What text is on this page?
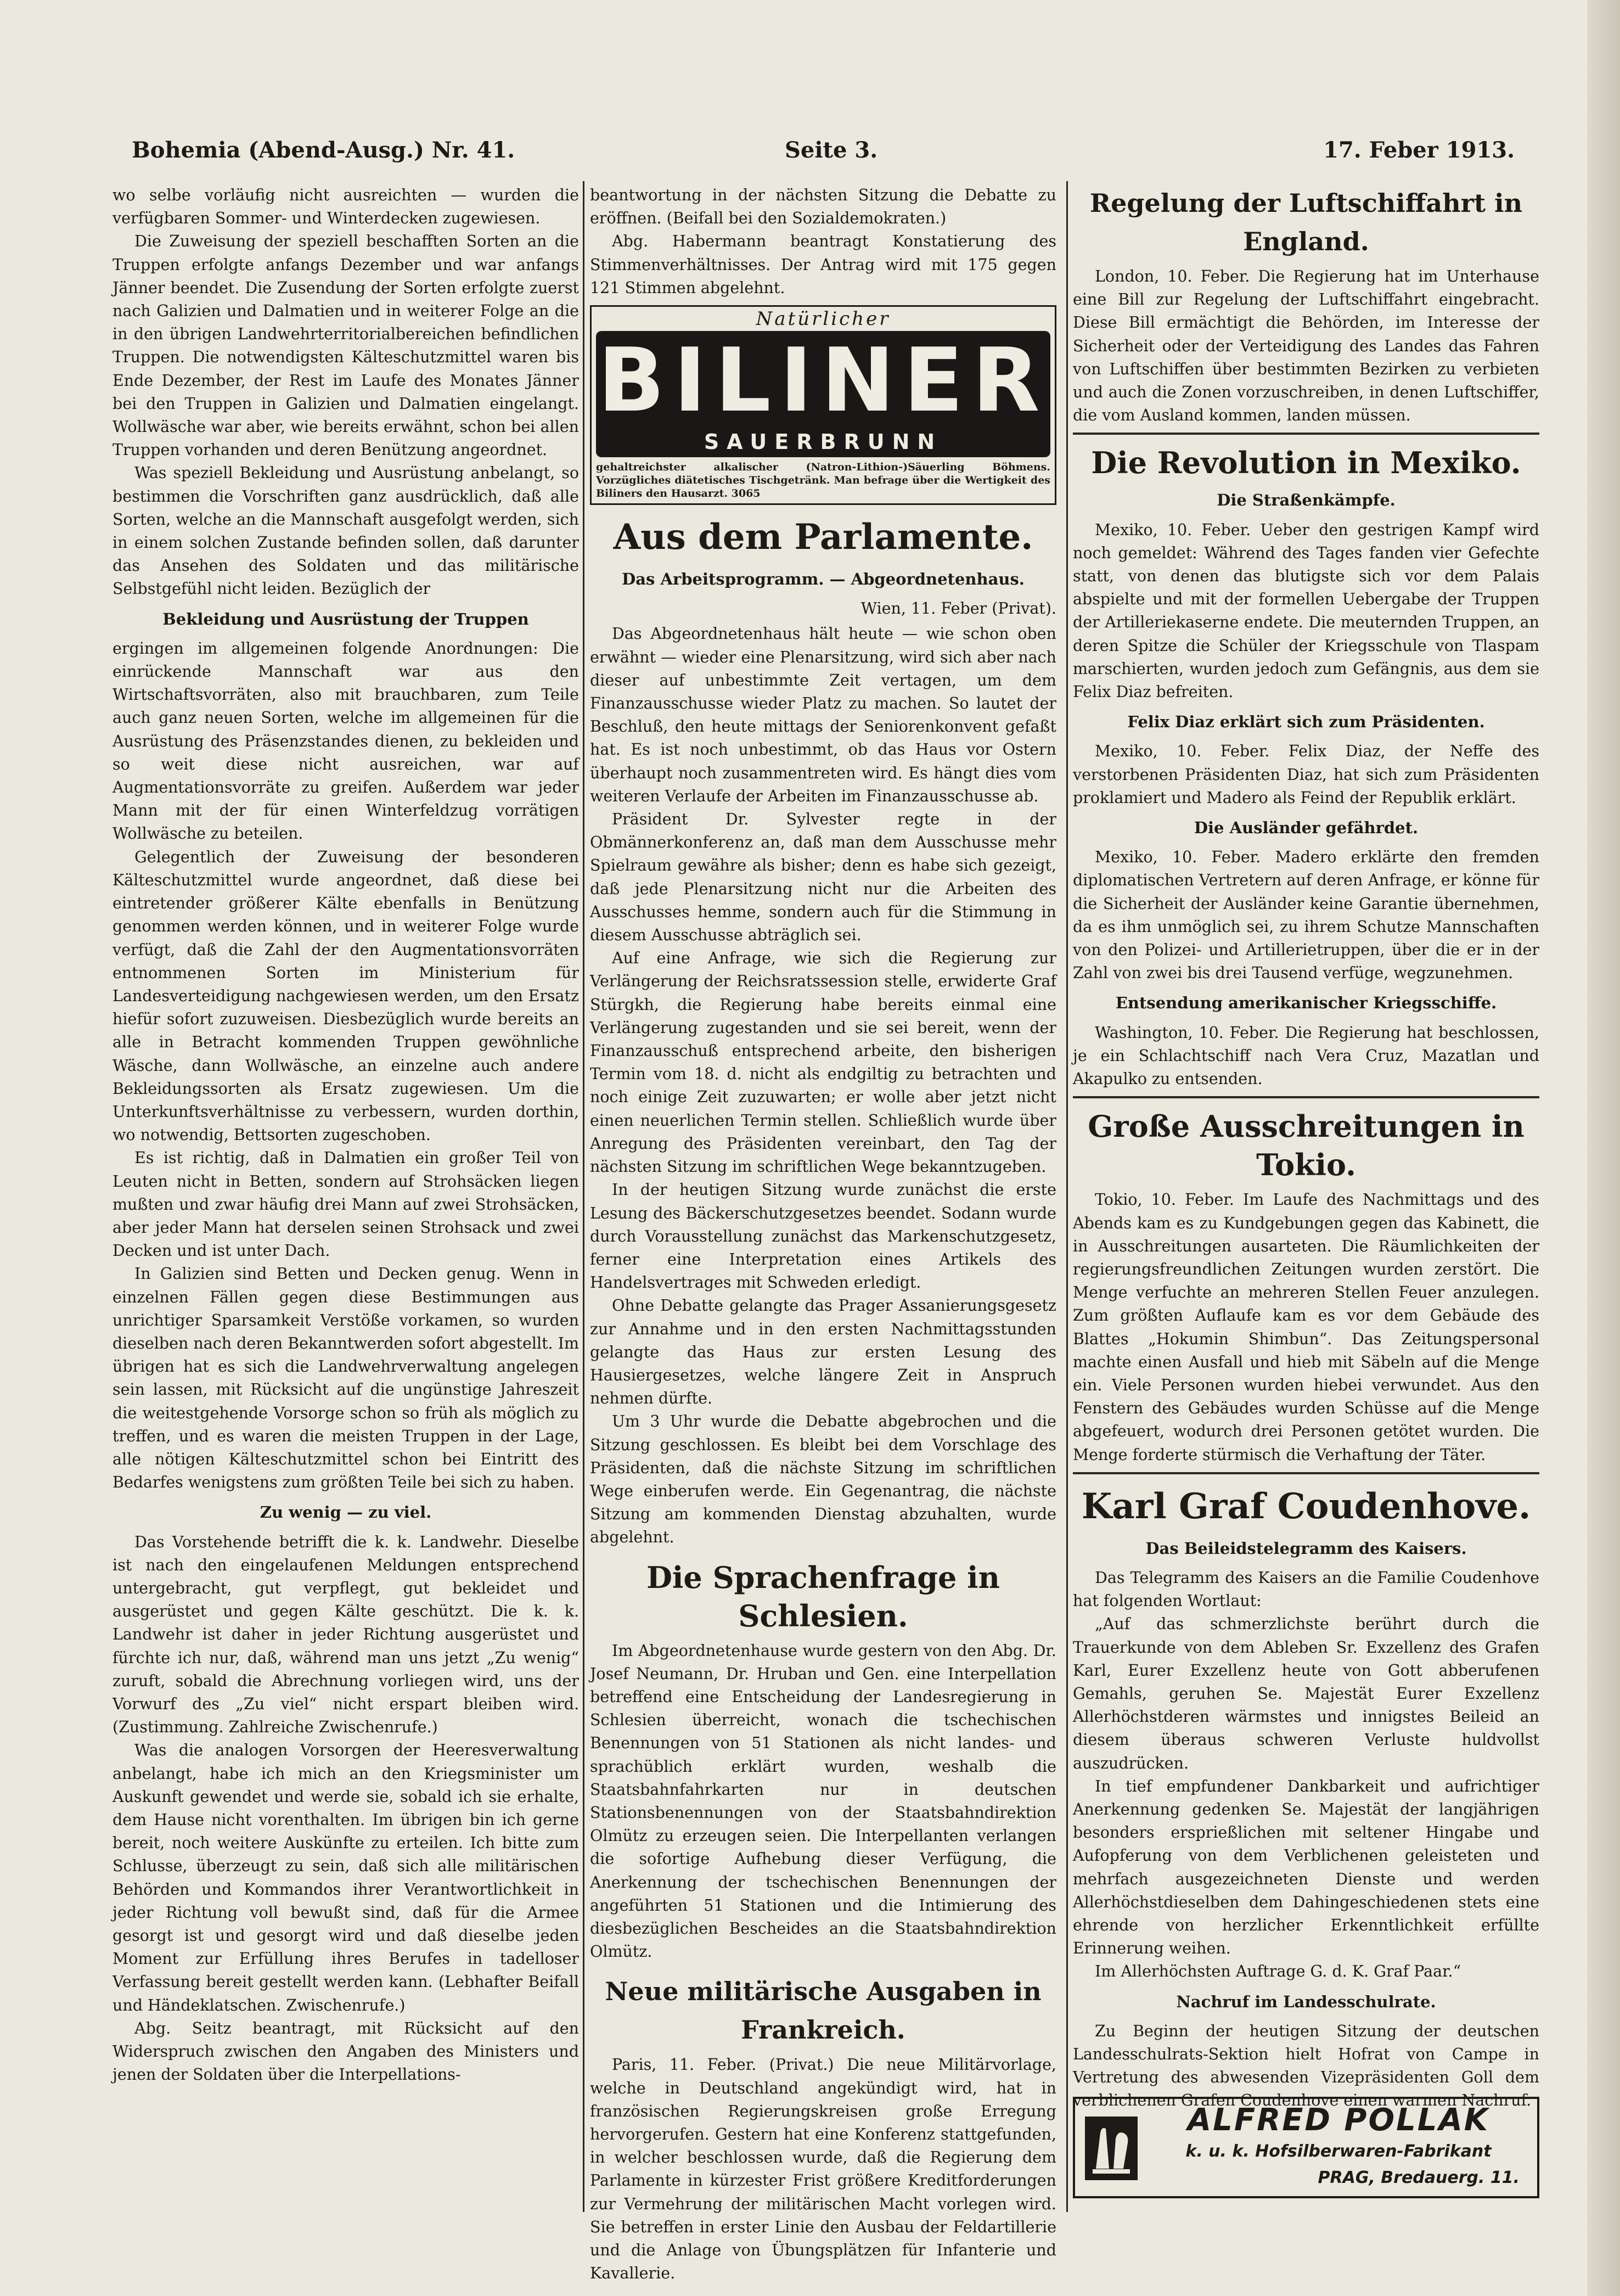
Bohemia (Abend-Ausg.) Nr. 41.	Seite 3.	17. Feber 1913.

wo selbe vorläufig nicht ausreichten — wurden die verfügbaren Sommer- und Winterdecken zugewiesen.

Die Zuweisung der speziell beschafften Sorten an die Truppen erfolgte anfangs Dezember und war anfangs Jänner beendet. Die Zusendung der Sorten erfolgte zuerst nach Galizien und Dalmatien und in weiterer Folge an die in den übrigen Landwehrterritorialbereichen befindlichen Truppen. Die notwendigsten Kälteschutzmittel waren bis Ende Dezember, der Rest im Laufe des Monates Jänner bei den Truppen in Galizien und Dalmatien eingelangt. Wollwäsche war aber, wie bereits erwähnt, schon bei allen Truppen vorhanden und deren Benützung angeordnet.

Was speziell Bekleidung und Ausrüstung anbelangt, so bestimmen die Vorschriften ganz ausdrücklich, daß alle Sorten, welche an die Mannschaft ausgefolgt werden, sich in einem solchen Zustande befinden sollen, daß darunter das Ansehen des Soldaten und das militärische Selbstgefühl nicht leiden. Bezüglich der

Bekleidung und Ausrüstung der Truppen

ergingen im allgemeinen folgende Anordnungen: Die einrückende Mannschaft war aus den Wirtschaftsvorräten, also mit brauchbaren, zum Teile auch ganz neuen Sorten, welche im allgemeinen für die Ausrüstung des Präsenzstandes dienen, zu bekleiden und so weit diese nicht ausreichen, war auf Augmentationsvorräte zu greifen. Außerdem war jeder Mann mit der für einen Winterfeldzug vorrätigen Wollwäsche zu beteilen.

Gelegentlich der Zuweisung der besonderen Kälteschutzmittel wurde angeordnet, daß diese bei eintretender größerer Kälte ebenfalls in Benützung genommen werden können, und in weiterer Folge wurde verfügt, daß die Zahl der den Augmentationsvorräten entnommenen Sorten im Ministerium für Landesverteidigung nachgewiesen werden, um den Ersatz hiefür sofort zuzuweisen. Diesbezüglich wurde bereits an alle in Betracht kommenden Truppen gewöhnliche Wäsche, dann Wollwäsche, an einzelne auch andere Bekleidungssorten als Ersatz zugewiesen. Um die Unterkunftsverhältnisse zu verbessern, wurden dorthin, wo notwendig, Bettsorten zugeschoben.

Es ist richtig, daß in Dalmatien ein großer Teil von Leuten nicht in Betten, sondern auf Strohsäcken liegen mußten und zwar häufig drei Mann auf zwei Strohsäcken, aber jeder Mann hat derselen seinen Strohsack und zwei Decken und ist unter Dach.

In Galizien sind Betten und Decken genug. Wenn in einzelnen Fällen gegen diese Bestimmungen aus unrichtiger Sparsamkeit Verstöße vorkamen, so wurden dieselben nach deren Bekanntwerden sofort abgestellt. Im übrigen hat es sich die Landwehrverwaltung angelegen sein lassen, mit Rücksicht auf die ungünstige Jahreszeit die weitestgehende Vorsorge schon so früh als möglich zu treffen, und es waren die meisten Truppen in der Lage, alle nötigen Kälteschutzmittel schon bei Eintritt des Bedarfes wenigstens zum größten Teile bei sich zu haben.

Zu wenig — zu viel.

Das Vorstehende betrifft die k. k. Landwehr. Dieselbe ist nach den eingelaufenen Meldungen entsprechend untergebracht, gut verpflegt, gut bekleidet und ausgerüstet und gegen Kälte geschützt. Die k. k. Landwehr ist daher in jeder Richtung ausgerüstet und fürchte ich nur, daß, während man uns jetzt „Zu wenig“ zuruft, sobald die Abrechnung vorliegen wird, uns der Vorwurf des „Zu viel“ nicht erspart bleiben wird. (Zustimmung. Zahlreiche Zwischenrufe.)

Was die analogen Vorsorgen der Heeresverwaltung anbelangt, habe ich mich an den Kriegsminister um Auskunft gewendet und werde sie, sobald ich sie erhalte, dem Hause nicht vorenthalten. Im übrigen bin ich gerne bereit, noch weitere Auskünfte zu erteilen. Ich bitte zum Schlusse, überzeugt zu sein, daß sich alle militärischen Behörden und Kommandos ihrer Verantwortlichkeit in jeder Richtung voll bewußt sind, daß für die Armee gesorgt ist und gesorgt wird und daß dieselbe jeden Moment zur Erfüllung ihres Berufes in tadelloser Verfassung bereit gestellt werden kann. (Lebhafter Beifall und Händeklatschen. Zwischenrufe.)

Abg. Seitz beantragt, mit Rücksicht auf den Widerspruch zwischen den Angaben des Ministers und jenen der Soldaten über die Interpellations-

beantwortung in der nächsten Sitzung die Debatte zu eröffnen. (Beifall bei den Sozialdemokraten.)

Abg. Habermann beantragt Konstatierung des Stimmenverhältnisses. Der Antrag wird mit 175 gegen 121 Stimmen abgelehnt.

Natürlicher
BILINER
SAUERBRUNN
gehaltreichster alkalischer (Natron-Lithion-)Säuerling Böhmens. Vorzügliches diätetisches Tischgetränk. Man befrage über die Wertigkeit des Biliners den Hausarzt. 3065
Aus dem Parlamente.
Das Arbeitsprogramm. — Abgeordnetenhaus.
Wien, 11. Feber (Privat).

Das Abgeordnetenhaus hält heute — wie schon oben erwähnt — wieder eine Plenarsitzung, wird sich aber nach dieser auf unbestimmte Zeit vertagen, um dem Finanzausschusse wieder Platz zu machen. So lautet der Beschluß, den heute mittags der Seniorenkonvent gefaßt hat. Es ist noch unbestimmt, ob das Haus vor Ostern überhaupt noch zusammentreten wird. Es hängt dies vom weiteren Verlaufe der Arbeiten im Finanzausschusse ab.

Präsident Dr. Sylvester regte in der Obmännerkonferenz an, daß man dem Ausschusse mehr Spielraum gewähre als bisher; denn es habe sich gezeigt, daß jede Plenarsitzung nicht nur die Arbeiten des Ausschusses hemme, sondern auch für die Stimmung in diesem Ausschusse abträglich sei.

Auf eine Anfrage, wie sich die Regierung zur Verlängerung der Reichsratssession stelle, erwiderte Graf Stürgkh, die Regierung habe bereits einmal eine Verlängerung zugestanden und sie sei bereit, wenn der Finanzausschuß entsprechend arbeite, den bisherigen Termin vom 18. d. nicht als endgiltig zu betrachten und noch einige Zeit zuzuwarten; er wolle aber jetzt nicht einen neuerlichen Termin stellen. Schließlich wurde über Anregung des Präsidenten vereinbart, den Tag der nächsten Sitzung im schriftlichen Wege bekanntzugeben.

In der heutigen Sitzung wurde zunächst die erste Lesung des Bäckerschutzgesetzes beendet. Sodann wurde durch Vorausstellung zunächst das Markenschutzgesetz, ferner eine Interpretation eines Artikels des Handelsvertrages mit Schweden erledigt.

Ohne Debatte gelangte das Prager Assanierungsgesetz zur Annahme und in den ersten Nachmittagsstunden gelangte das Haus zur ersten Lesung des Hausiergesetzes, welche längere Zeit in Anspruch nehmen dürfte.

Um 3 Uhr wurde die Debatte abgebrochen und die Sitzung geschlossen. Es bleibt bei dem Vorschlage des Präsidenten, daß die nächste Sitzung im schriftlichen Wege einberufen werde. Ein Gegenantrag, die nächste Sitzung am kommenden Dienstag abzuhalten, wurde abgelehnt.

Die Sprachenfrage in Schlesien.

Im Abgeordnetenhause wurde gestern von den Abg. Dr. Josef Neumann, Dr. Hruban und Gen. eine Interpellation betreffend eine Entscheidung der Landesregierung in Schlesien überreicht, wonach die tschechischen Benennungen von 51 Stationen als nicht landes- und sprachüblich erklärt wurden, weshalb die Staatsbahnfahrkarten nur in deutschen Stationsbenennungen von der Staatsbahndirektion Olmütz zu erzeugen seien. Die Interpellanten verlangen die sofortige Aufhebung dieser Verfügung, die Anerkennung der tschechischen Benennungen der angeführten 51 Stationen und die Intimierung des diesbezüglichen Bescheides an die Staatsbahndirektion Olmütz.

Neue militärische Ausgaben in Frankreich.

Paris, 11. Feber. (Privat.) Die neue Militärvorlage, welche in Deutschland angekündigt wird, hat in französischen Regierungskreisen große Erregung hervorgerufen. Gestern hat eine Konferenz stattgefunden, in welcher beschlossen wurde, daß die Regierung dem Parlamente in kürzester Frist größere Kreditforderungen zur Vermehrung der militärischen Macht vorlegen wird. Sie betreffen in erster Linie den Ausbau der Feldartillerie und die Anlage von Übungsplätzen für Infanterie und Kavallerie.

Regelung der Luftschiffahrt in England.

London, 10. Feber. Die Regierung hat im Unterhause eine Bill zur Regelung der Luftschiffahrt eingebracht. Diese Bill ermächtigt die Behörden, im Interesse der Sicherheit oder der Verteidigung des Landes das Fahren von Luftschiffen über bestimmten Bezirken zu verbieten und auch die Zonen vorzuschreiben, in denen Luftschiffer, die vom Ausland kommen, landen müssen.

Die Revolution in Mexiko.
Die Straßenkämpfe.

Mexiko, 10. Feber. Ueber den gestrigen Kampf wird noch gemeldet: Während des Tages fanden vier Gefechte statt, von denen das blutigste sich vor dem Palais abspielte und mit der formellen Uebergabe der Truppen der Artilleriekaserne endete. Die meuternden Truppen, an deren Spitze die Schüler der Kriegsschule von Tlaspam marschierten, wurden jedoch zum Gefängnis, aus dem sie Felix Diaz befreiten.

Felix Diaz erklärt sich zum Präsidenten.

Mexiko, 10. Feber. Felix Diaz, der Neffe des verstorbenen Präsidenten Diaz, hat sich zum Präsidenten proklamiert und Madero als Feind der Republik erklärt.

Die Ausländer gefährdet.

Mexiko, 10. Feber. Madero erklärte den fremden diplomatischen Vertretern auf deren Anfrage, er könne für die Sicherheit der Ausländer keine Garantie übernehmen, da es ihm unmöglich sei, zu ihrem Schutze Mannschaften von den Polizei- und Artillerietruppen, über die er in der Zahl von zwei bis drei Tausend verfüge, wegzunehmen.

Entsendung amerikanischer Kriegsschiffe.

Washington, 10. Feber. Die Regierung hat beschlossen, je ein Schlachtschiff nach Vera Cruz, Mazatlan und Akapulko zu entsenden.

Große Ausschreitungen in Tokio.

Tokio, 10. Feber. Im Laufe des Nachmittags und des Abends kam es zu Kundgebungen gegen das Kabinett, die in Ausschreitungen ausarteten. Die Räumlichkeiten der regierungsfreundlichen Zeitungen wurden zerstört. Die Menge verfuchte an mehreren Stellen Feuer anzulegen. Zum größten Auflaufe kam es vor dem Gebäude des Blattes „Hokumin Shimbun“. Das Zeitungspersonal machte einen Ausfall und hieb mit Säbeln auf die Menge ein. Viele Personen wurden hiebei verwundet. Aus den Fenstern des Gebäudes wurden Schüsse auf die Menge abgefeuert, wodurch drei Personen getötet wurden. Die Menge forderte stürmisch die Verhaftung der Täter.

Karl Graf Coudenhove.
Das Beileidstelegramm des Kaisers.

Das Telegramm des Kaisers an die Familie Coudenhove hat folgenden Wortlaut:

„Auf das schmerzlichste berührt durch die Trauerkunde von dem Ableben Sr. Exzellenz des Grafen Karl, Eurer Exzellenz heute von Gott abberufenen Gemahls, geruhen Se. Majestät Eurer Exzellenz Allerhöchstderen wärmstes und innigstes Beileid an diesem überaus schweren Verluste huldvollst auszudrücken.

In tief empfundener Dankbarkeit und aufrichtiger Anerkennung gedenken Se. Majestät der langjährigen besonders ersprießlichen mit seltener Hingabe und Aufopferung von dem Verblichenen geleisteten und mehrfach ausgezeichneten Dienste und werden Allerhöchstdieselben dem Dahingeschiedenen stets eine ehrende von herzlicher Erkenntlichkeit erfüllte Erinnerung weihen.

Im Allerhöchsten Auftrage G. d. K. Graf Paar.“

Nachruf im Landesschulrate.

Zu Beginn der heutigen Sitzung der deutschen Landesschulrats-Sektion hielt Hofrat von Campe in Vertretung des abwesenden Vizepräsidenten Goll dem verblichenen Grafen Coudenhove einen warmen Nachruf.

ALFRED POLLAK
k. u. k. Hofsilberwaren-Fabrikant
PRAG, Bredauerg. 11.
